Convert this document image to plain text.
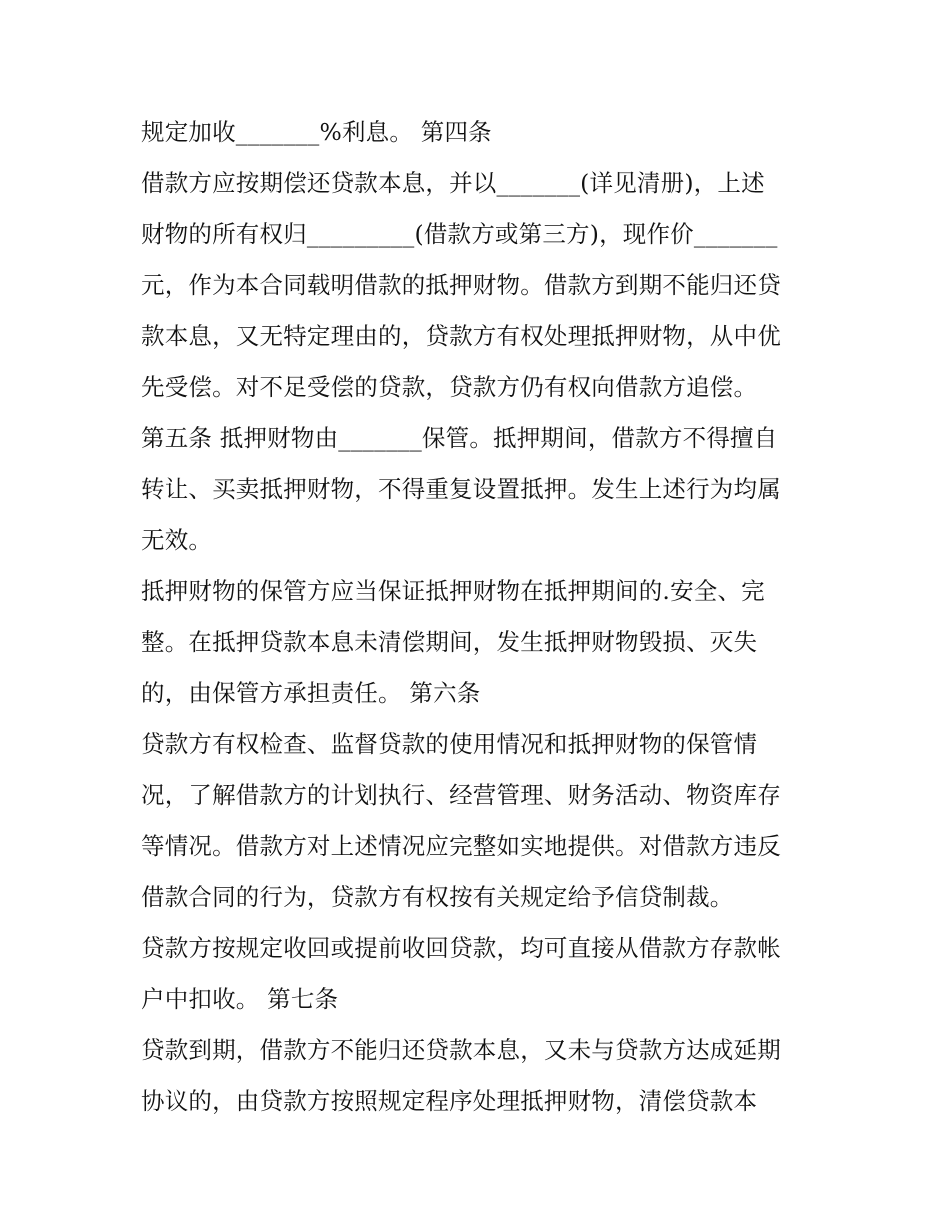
规定加收_______%利息。 第四条
借款方应按期偿还贷款本息，并以_______(详见清册)，上述
财物的所有权归_________(借款方或第三方)，现作价_______
元，作为本合同载明借款的抵押财物。借款方到期不能归还贷
款本息，又无特定理由的，贷款方有权处理抵押财物，从中优
先受偿。对不足受偿的贷款，贷款方仍有权向借款方追偿。
第五条 抵押财物由_______保管。抵押期间，借款方不得擅自
转让、买卖抵押财物，不得重复设置抵押。发生上述行为均属
无效。
抵押财物的保管方应当保证抵押财物在抵押期间的.安全、完
整。在抵押贷款本息未清偿期间，发生抵押财物毁损、灭失
的，由保管方承担责任。 第六条
贷款方有权检查、监督贷款的使用情况和抵押财物的保管情
况，了解借款方的计划执行、经营管理、财务活动、物资库存
等情况。借款方对上述情况应完整如实地提供。对借款方违反
借款合同的行为，贷款方有权按有关规定给予信贷制裁。
贷款方按规定收回或提前收回贷款，均可直接从借款方存款帐
户中扣收。 第七条
贷款到期，借款方不能归还贷款本息，又未与贷款方达成延期
协议的，由贷款方按照规定程序处理抵押财物，清偿贷款本
